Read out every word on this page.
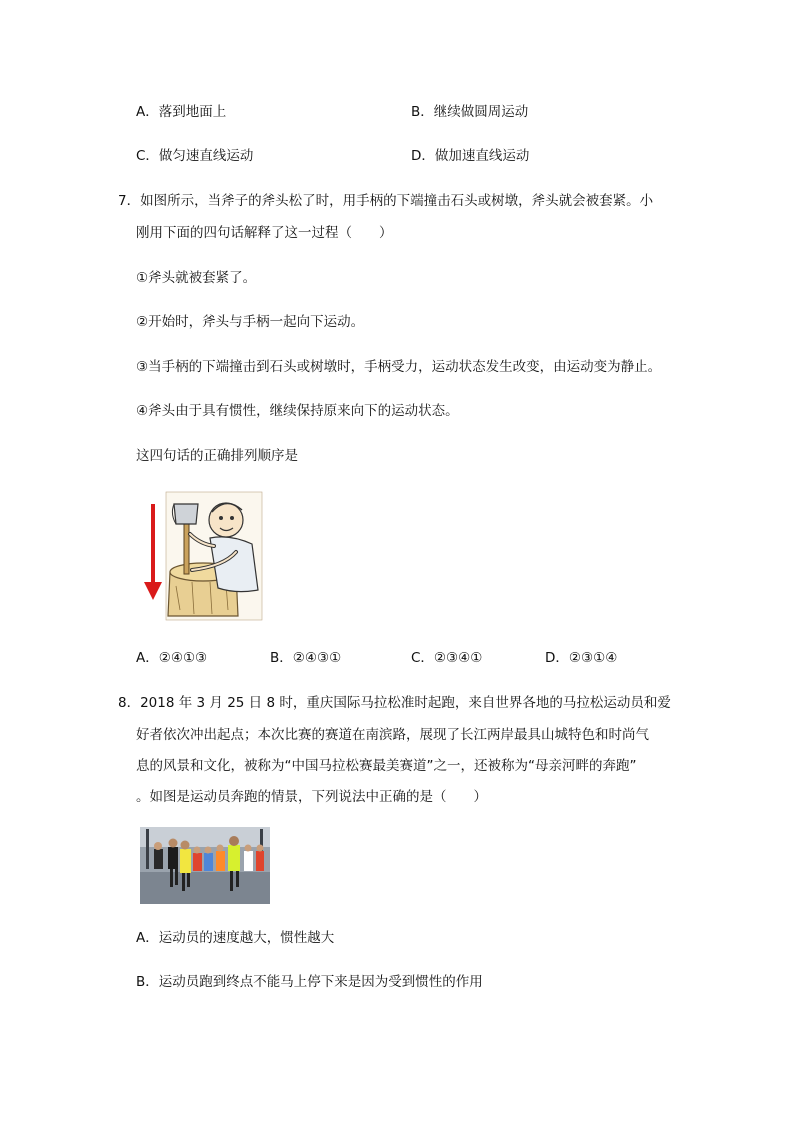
A．落到地面上	B．继续做圆周运动
C．做匀速直线运动	D．做加速直线运动
7．如图所示，当斧子的斧头松了时，用手柄的下端撞击石头或树墩，斧头就会被套紧。小
刚用下面的四句话解释了这一过程（　　）
①斧头就被套紧了。
②开始时，斧头与手柄一起向下运动。
③当手柄的下端撞击到石头或树墩时，手柄受力，运动状态发生改变，由运动变为静止。
④斧头由于具有惯性，继续保持原来向下的运动状态。
这四句话的正确排列顺序是
A．②④①③	B．②④③①	C．②③④①	D．②③①④
8．2018 年 3 月 25 日 8 时，重庆国际马拉松准时起跑，来自世界各地的马拉松运动员和爱
好者依次冲出起点；本次比赛的赛道在南滨路，展现了长江两岸最具山城特色和时尚气
息的风景和文化，被称为“中国马拉松赛最美赛道”之一，还被称为“母亲河畔的奔跑”
。如图是运动员奔跑的情景，下列说法中正确的是（　　）
A．运动员的速度越大，惯性越大
B．运动员跑到终点不能马上停下来是因为受到惯性的作用
